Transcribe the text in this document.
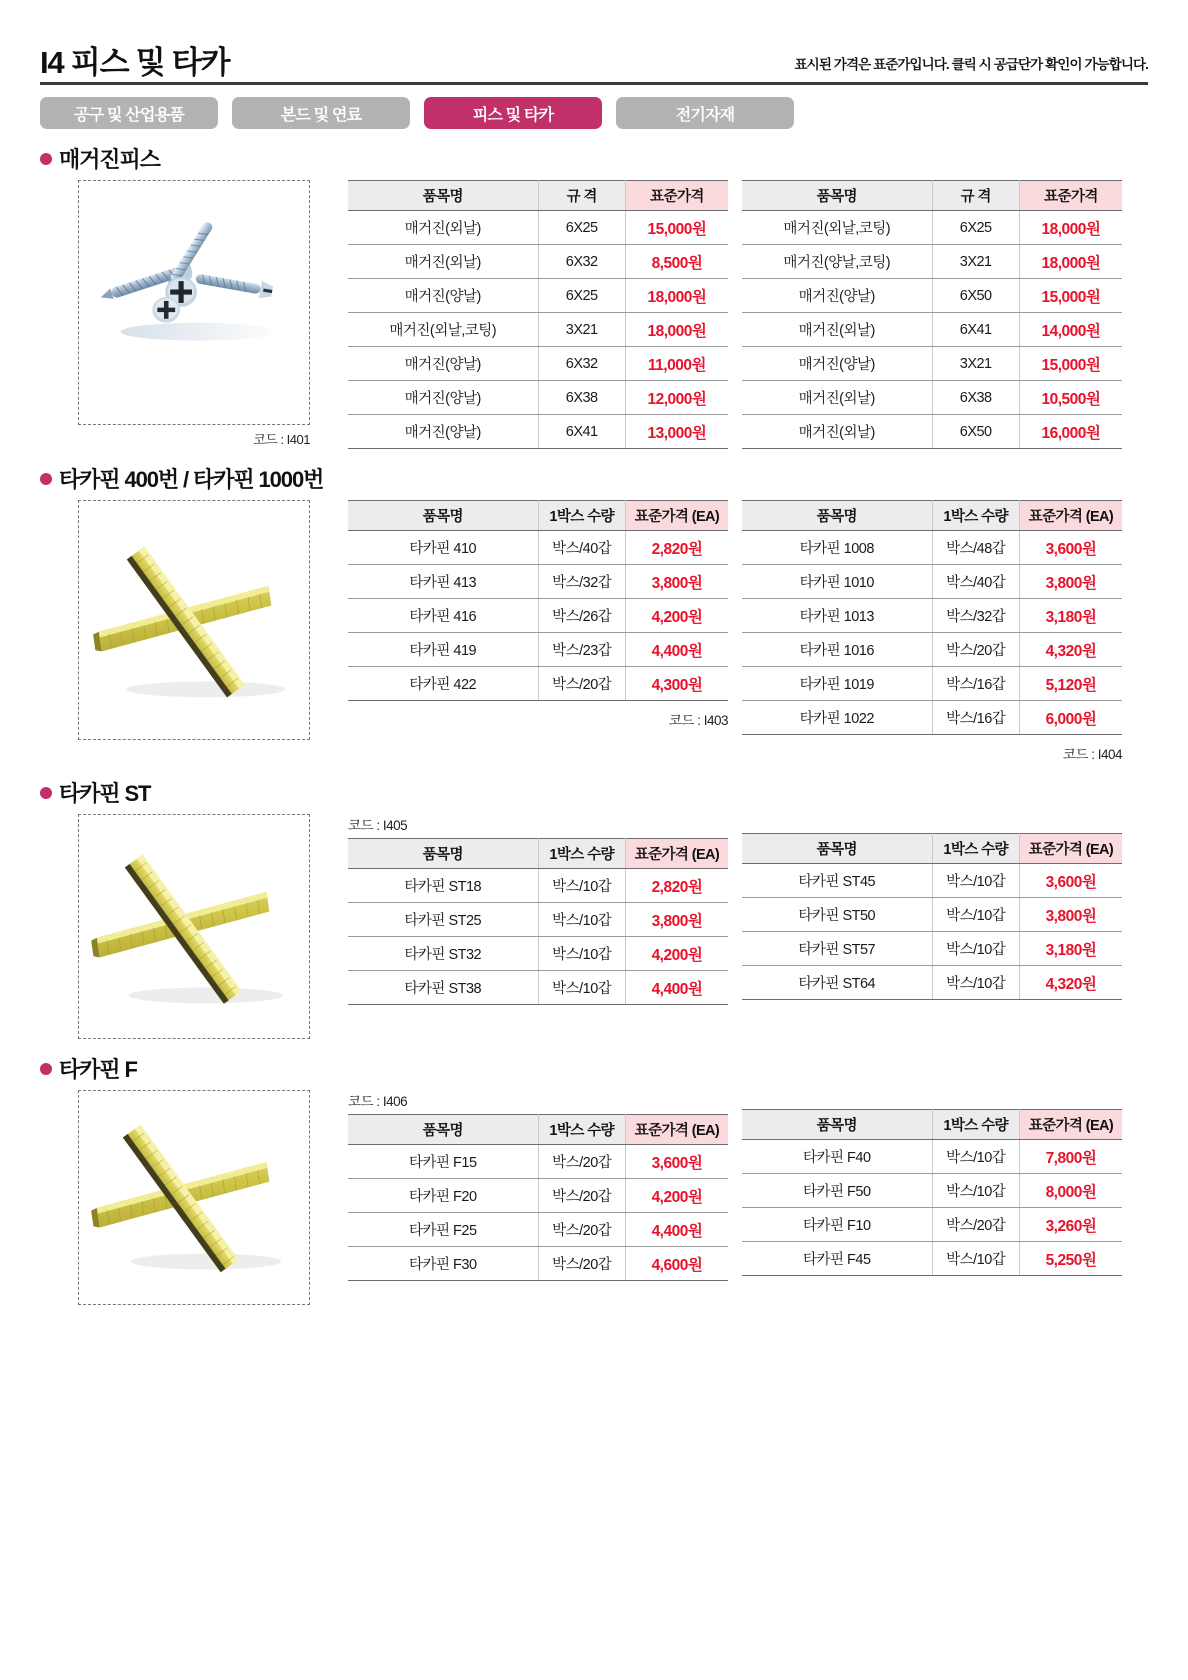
I4 피스 및 타카	표시된 가격은 표준가입니다. 클릭 시 공급단가 확인이 가능합니다.
공구 및 산업용품	본드 및 연료	피스 및 타카	전기자재
매거진피스
코드 : I401
품목명	규 격	표준가격
매거진(외날)	6X25	15,000원
매거진(외날)	6X32	8,500원
매거진(양날)	6X25	18,000원
매거진(외날,코팅)	3X21	18,000원
매거진(양날)	6X32	11,000원
매거진(양날)	6X38	12,000원
매거진(양날)	6X41	13,000원
품목명	규 격	표준가격
매거진(외날,코팅)	6X25	18,000원
매거진(양날,코팅)	3X21	18,000원
매거진(양날)	6X50	15,000원
매거진(외날)	6X41	14,000원
매거진(양날)	3X21	15,000원
매거진(외날)	6X38	10,500원
매거진(외날)	6X50	16,000원
타카핀 400번 / 타카핀 1000번
품목명	1박스 수량	표준가격 (EA)
타카핀 410	박스/40갑	2,820원
타카핀 413	박스/32갑	3,800원
타카핀 416	박스/26갑	4,200원
타카핀 419	박스/23갑	4,400원
타카핀 422	박스/20갑	4,300원
코드 : I403
품목명	1박스 수량	표준가격 (EA)
타카핀 1008	박스/48갑	3,600원
타카핀 1010	박스/40갑	3,800원
타카핀 1013	박스/32갑	3,180원
타카핀 1016	박스/20갑	4,320원
타카핀 1019	박스/16갑	5,120원
타카핀 1022	박스/16갑	6,000원
코드 : I404
타카핀 ST
코드 : I405
품목명	1박스 수량	표준가격 (EA)
타카핀 ST18	박스/10갑	2,820원
타카핀 ST25	박스/10갑	3,800원
타카핀 ST32	박스/10갑	4,200원
타카핀 ST38	박스/10갑	4,400원

품목명	1박스 수량	표준가격 (EA)
타카핀 ST45	박스/10갑	3,600원
타카핀 ST50	박스/10갑	3,800원
타카핀 ST57	박스/10갑	3,180원
타카핀 ST64	박스/10갑	4,320원
타카핀 F
코드 : I406
품목명	1박스 수량	표준가격 (EA)
타카핀 F15	박스/20갑	3,600원
타카핀 F20	박스/20갑	4,200원
타카핀 F25	박스/20갑	4,400원
타카핀 F30	박스/20갑	4,600원

품목명	1박스 수량	표준가격 (EA)
타카핀 F40	박스/10갑	7,800원
타카핀 F50	박스/10갑	8,000원
타카핀 F10	박스/20갑	3,260원
타카핀 F45	박스/10갑	5,250원
